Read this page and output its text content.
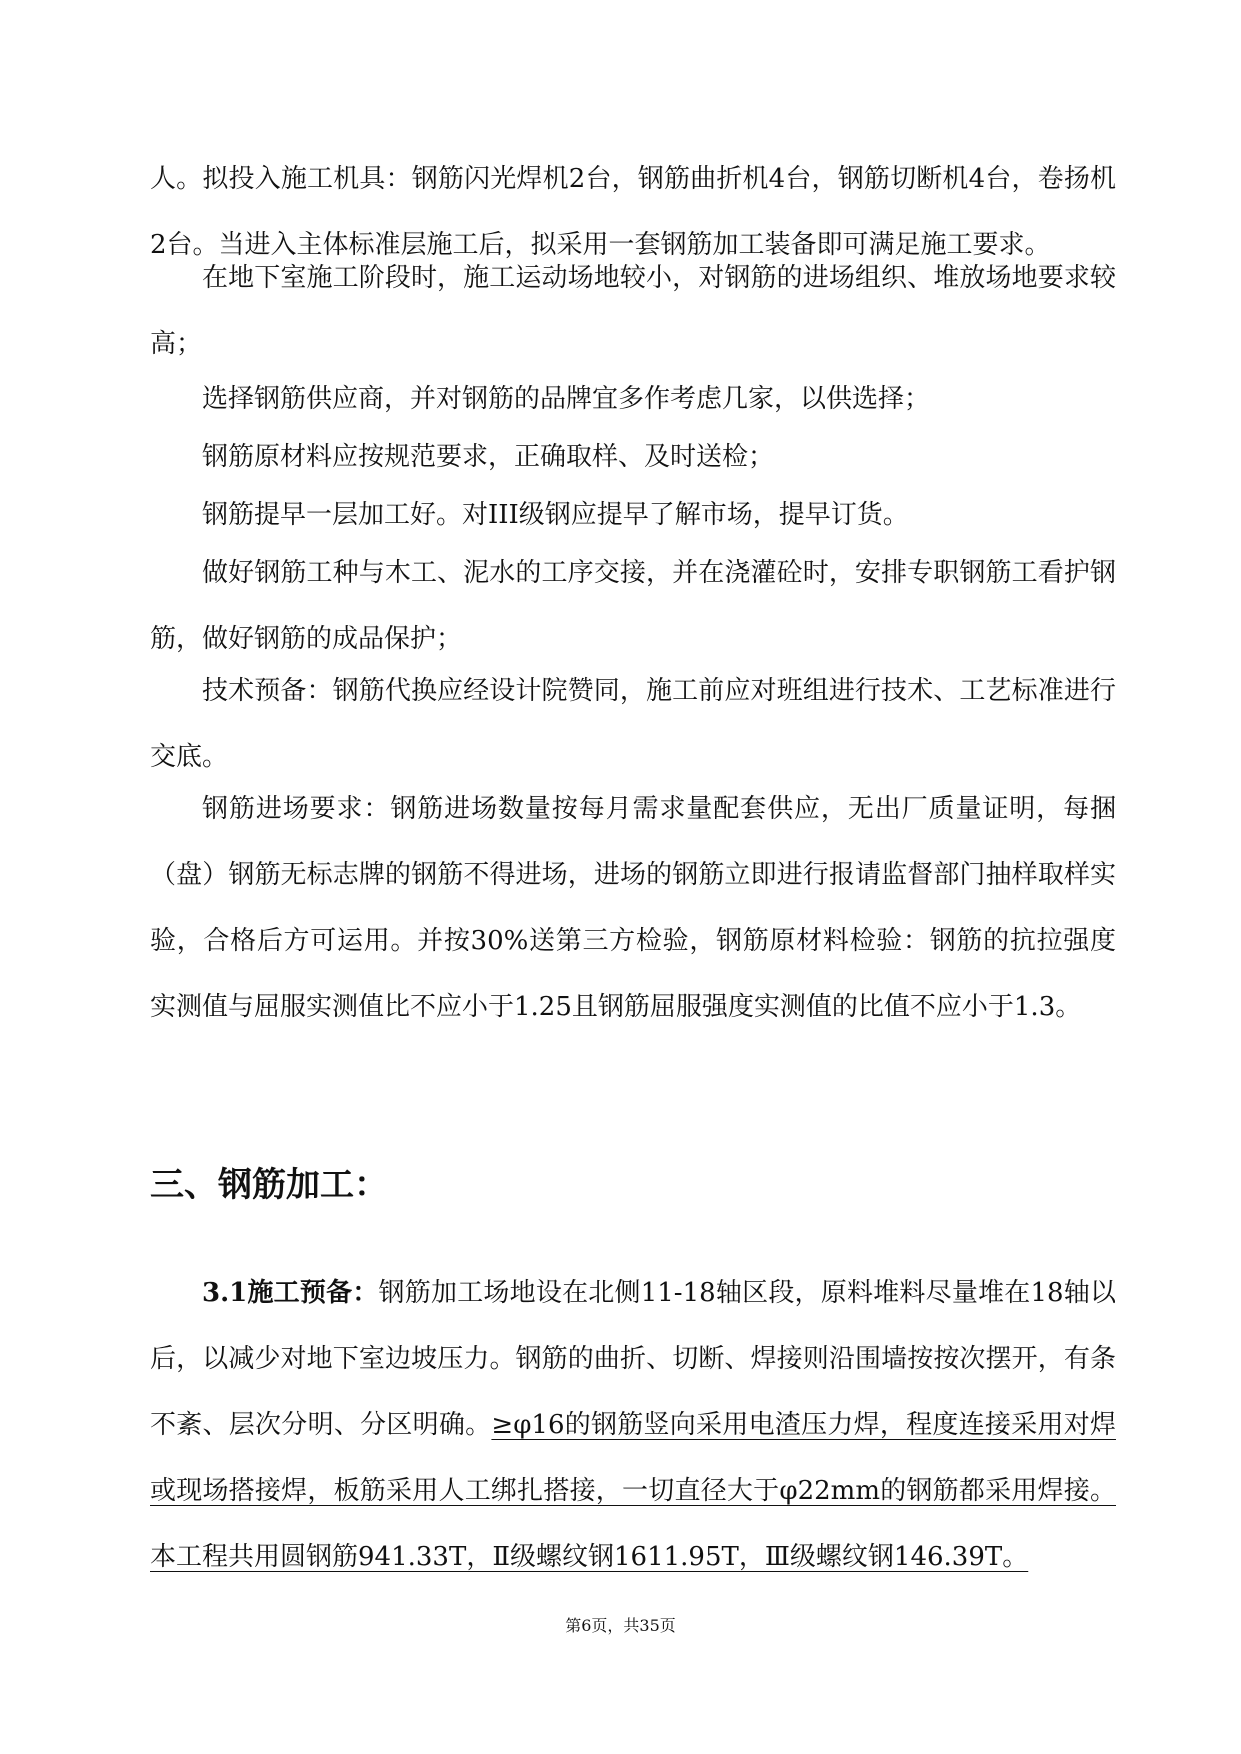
人。拟投入施工机具：钢筋闪光焊机2台，钢筋曲折机4台，钢筋切断机4台，卷扬机2台。当进入主体标准层施工后，拟采用一套钢筋加工装备即可满足施工要求。

在地下室施工阶段时，施工运动场地较小，对钢筋的进场组织、堆放场地要求较高；

选择钢筋供应商，并对钢筋的品牌宜多作考虑几家，以供选择；

钢筋原材料应按规范要求，正确取样、及时送检；

钢筋提早一层加工好。对III级钢应提早了解市场，提早订货。

做好钢筋工种与木工、泥水的工序交接，并在浇灌砼时，安排专职钢筋工看护钢筋，做好钢筋的成品保护；

技术预备：钢筋代换应经设计院赞同，施工前应对班组进行技术、工艺标准进行交底。

钢筋进场要求：钢筋进场数量按每月需求量配套供应，无出厂质量证明，每捆（盘）钢筋无标志牌的钢筋不得进场，进场的钢筋立即进行报请监督部门抽样取样实验，合格后方可运用。并按30%送第三方检验，钢筋原材料检验：钢筋的抗拉强度实测值与屈服实测值比不应小于1.25且钢筋屈服强度实测值的比值不应小于1.3。

三、钢筋加工：

3.1施工预备：钢筋加工场地设在北侧11-18轴区段，原料堆料尽量堆在18轴以后，以减少对地下室边坡压力。钢筋的曲折、切断、焊接则沿围墙按按次摆开，有条不紊、层次分明、分区明确。≥φ16的钢筋竖向采用电渣压力焊，程度连接采用对焊或现场搭接焊，板筋采用人工绑扎搭接，一切直径大于φ22mm的钢筋都采用焊接。本工程共用圆钢筋941.33T，Ⅱ级螺纹钢1611.95T，Ⅲ级螺纹钢146.39T。

第6页，共35页
